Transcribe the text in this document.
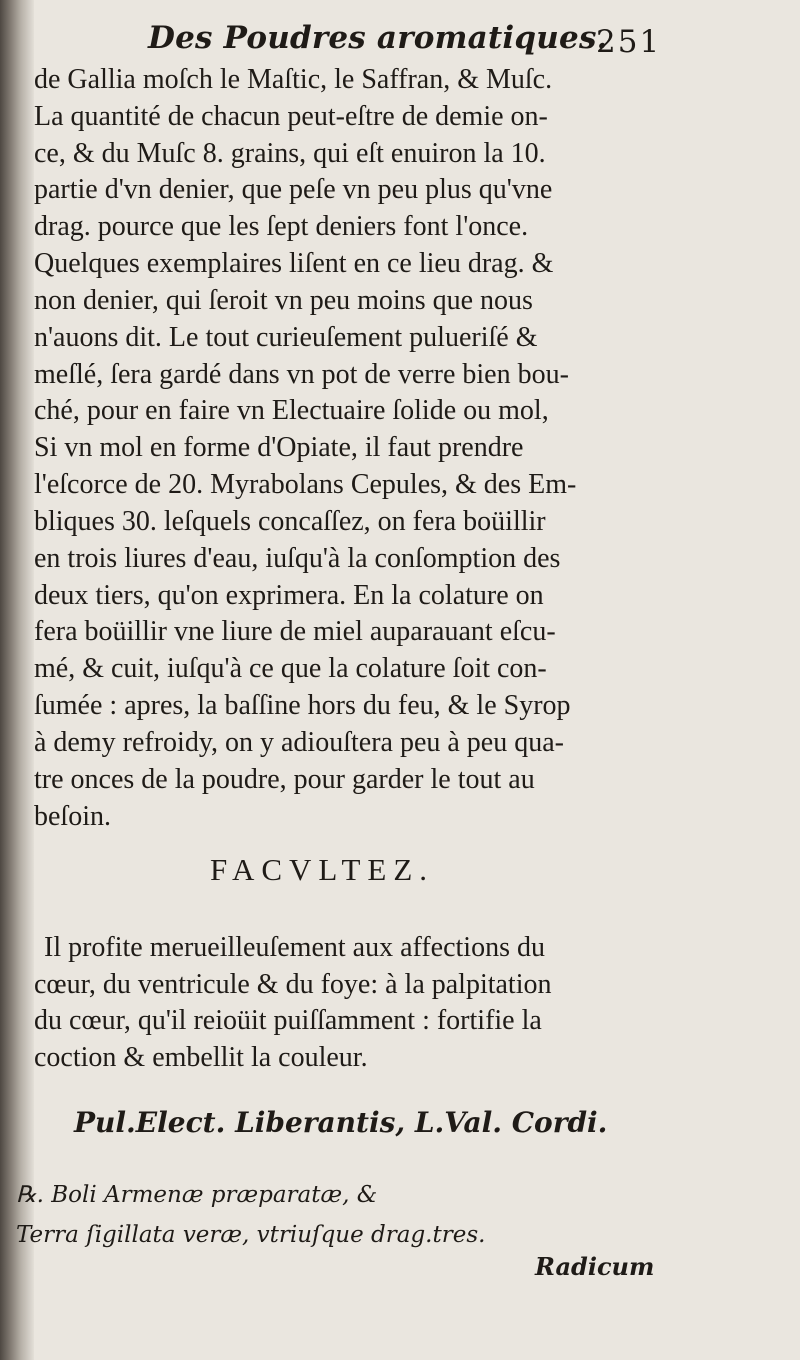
Des Poudres aromatiques.
251
de Gallia moſch le Maſtic, le Saffran, & Muſc.
La quantité de chacun peut-eſtre de demie on-
ce, & du Muſc 8. grains, qui eſt enuiron la 10.
partie d'vn denier, que peſe vn peu plus qu'vne
drag. pource que les ſept deniers font l'once.
Quelques exemplaires liſent en ce lieu drag. &
non denier, qui ſeroit vn peu moins que nous
n'auons dit. Le tout curieuſement pulueriſé &
meſlé, ſera gardé dans vn pot de verre bien bou-
ché, pour en faire vn Electuaire ſolide ou mol,
Si vn mol en forme d'Opiate, il faut prendre
l'eſcorce de 20. Myrabolans Cepules, & des Em-
bliques 30. leſquels concaſſez, on fera boüillir
en trois liures d'eau, iuſqu'à la conſomption des
deux tiers, qu'on exprimera. En la colature on
fera boüillir vne liure de miel auparauant eſcu-
mé, & cuit, iuſqu'à ce que la colature ſoit con-
ſumée : apres, la baſſine hors du feu, & le Syrop
à demy refroidy, on y adiouſtera peu à peu qua-
tre onces de la poudre, pour garder le tout au
beſoin.
FACVLTEZ.
Il profite merueilleuſement aux affections du
cœur, du ventricule & du foye: à la palpitation
du cœur, qu'il reioüit puiſſamment : fortifie la
coction & embellit la couleur.
Pul.Elect. Liberantis, L.Val. Cordi.
℞. Boli Armenæ præparatæ, &
Terra ſigillata veræ, vtriuſque drag.tres.
Radicum
